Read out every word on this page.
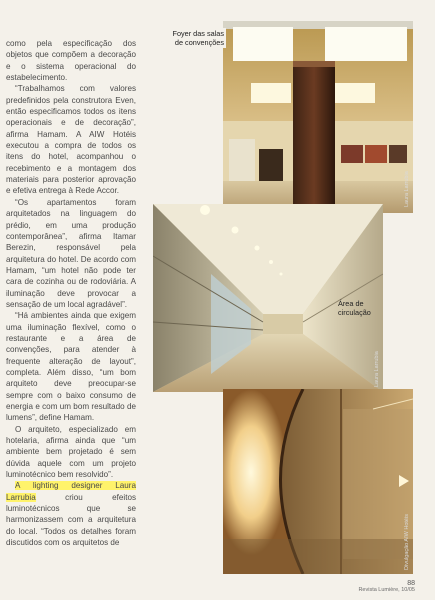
como pela especificação dos objetos que compõem a decoração e o sistema operacional do estabelecimento.

“Trabalhamos com valores predefinidos pela construtora Even, então especificamos todos os itens operacionais e de decoração”, afirma Hamam. A AIW Hotéis executou a compra de todos os itens do hotel, acompanhou o recebimento e a montagem dos materiais para posterior aprovação e efetiva entrega à Rede Accor.

“Os apartamentos foram arquitetados na linguagem do prédio, em uma produção contemporânea”, afirma Itamar Berezin, responsável pela arquitetura do hotel. De acordo com Hamam, “um hotel não pode ter cara de cozinha ou de rodoviária. A iluminação deve provocar a sensação de um local agradável”.

“Há ambientes ainda que exigem uma iluminação flexível, como o restaurante e a área de convenções, para atender à frequente alteração de layout”, completa. Além disso, “um bom arquiteto deve preocupar-se sempre com o baixo consumo de energia e com um bom resultado de lumens”, define Hamam.

O arquiteto, especializado em hotelaria, afirma ainda que “um ambiente bem projetado é sem dúvida aquele com um projeto luminotécnico bem resolvido”.

A lighting designer Laura Larrubia criou efeitos luminotécnicos que se harmonizassem com a arquitetura do local. “Todos os detalhes foram discutidos com os arquitetos de

Foyer das salas de convenções
Laura Larrubia
Área de circulação
Laura Larrubia
Divulgação AIW Hotéis
88
Revista Lumière, 10/05
